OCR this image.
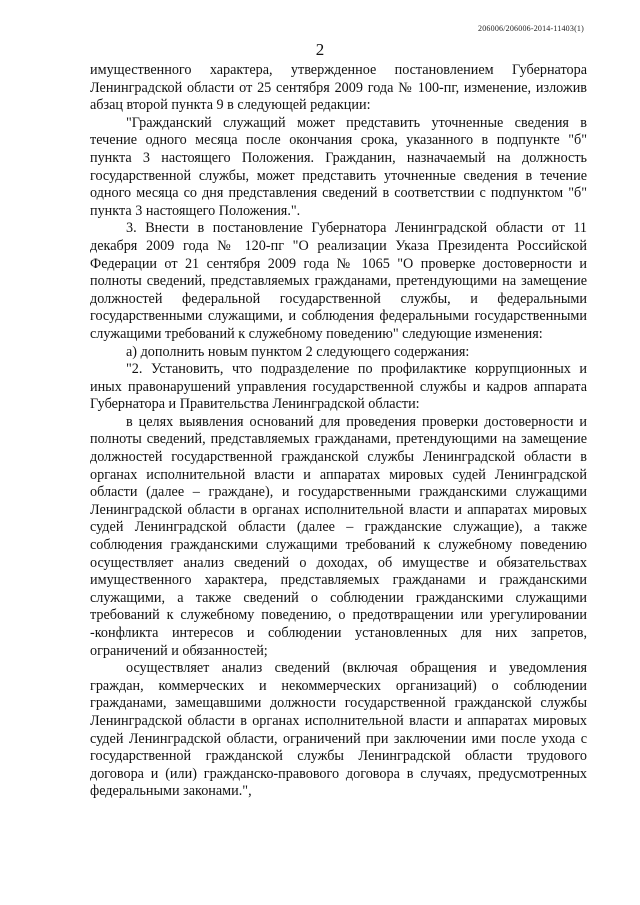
206006/206006-2014-11403(1)
2

имущественного характера, утвержденное постановлением Губернатора Ленинградской области от 25 сентября 2009 года № 100-пг, изменение, изложив абзац второй пункта 9 в следующей редакции:

"Гражданский служащий может представить уточненные сведения в течение одного месяца после окончания срока, указанного в подпункте "б" пункта 3 настоящего Положения. Гражданин, назначаемый на должность государственной службы, может представить уточненные сведения в течение одного месяца со дня представления сведений в соответствии с подпунктом "б" пункта 3 настоящего Положения.".

3. Внести в постановление Губернатора Ленинградской области от 11 декабря 2009 года № 120-пг "О реализации Указа Президента Российской Федерации от 21 сентября 2009 года № 1065 "О проверке достоверности и полноты сведений, представляемых гражданами, претендующими на замещение должностей федеральной государственной службы, и федеральными государственными служащими, и соблюдения федеральными государственными служащими требований к служебному поведению" следующие изменения:

а) дополнить новым пунктом 2 следующего содержания:

"2. Установить, что подразделение по профилактике коррупционных и иных правонарушений управления государственной службы и кадров аппарата Губернатора и Правительства Ленинградской области:

в целях выявления оснований для проведения проверки достоверности и полноты сведений, представляемых гражданами, претендующими на замещение должностей государственной гражданской службы Ленинградской области в органах исполнительной власти и аппаратах мировых судей Ленинградской области (далее – граждане), и государственными гражданскими служащими Ленинградской области в органах исполнительной власти и аппаратах мировых судей Ленинградской области (далее – гражданские служащие), а также соблюдения гражданскими служащими требований к служебному поведению осуществляет анализ сведений о доходах, об имуществе и обязательствах имущественного характера, представляемых гражданами и гражданскими служащими, а также сведений о соблюдении гражданскими служащими требований к служебному поведению, о предотвращении или урегулировании -конфликта интересов и соблюдении установленных для них запретов, ограничений и обязанностей;

осуществляет анализ сведений (включая обращения и уведомления граждан, коммерческих и некоммерческих организаций) о соблюдении гражданами, замещавшими должности государственной гражданской службы Ленинградской области в органах исполнительной власти и аппаратах мировых судей Ленинградской области, ограничений при заключении ими после ухода с государственной гражданской службы Ленинградской области трудового договора и (или) гражданско-правового договора в случаях, предусмотренных федеральными законами.",
